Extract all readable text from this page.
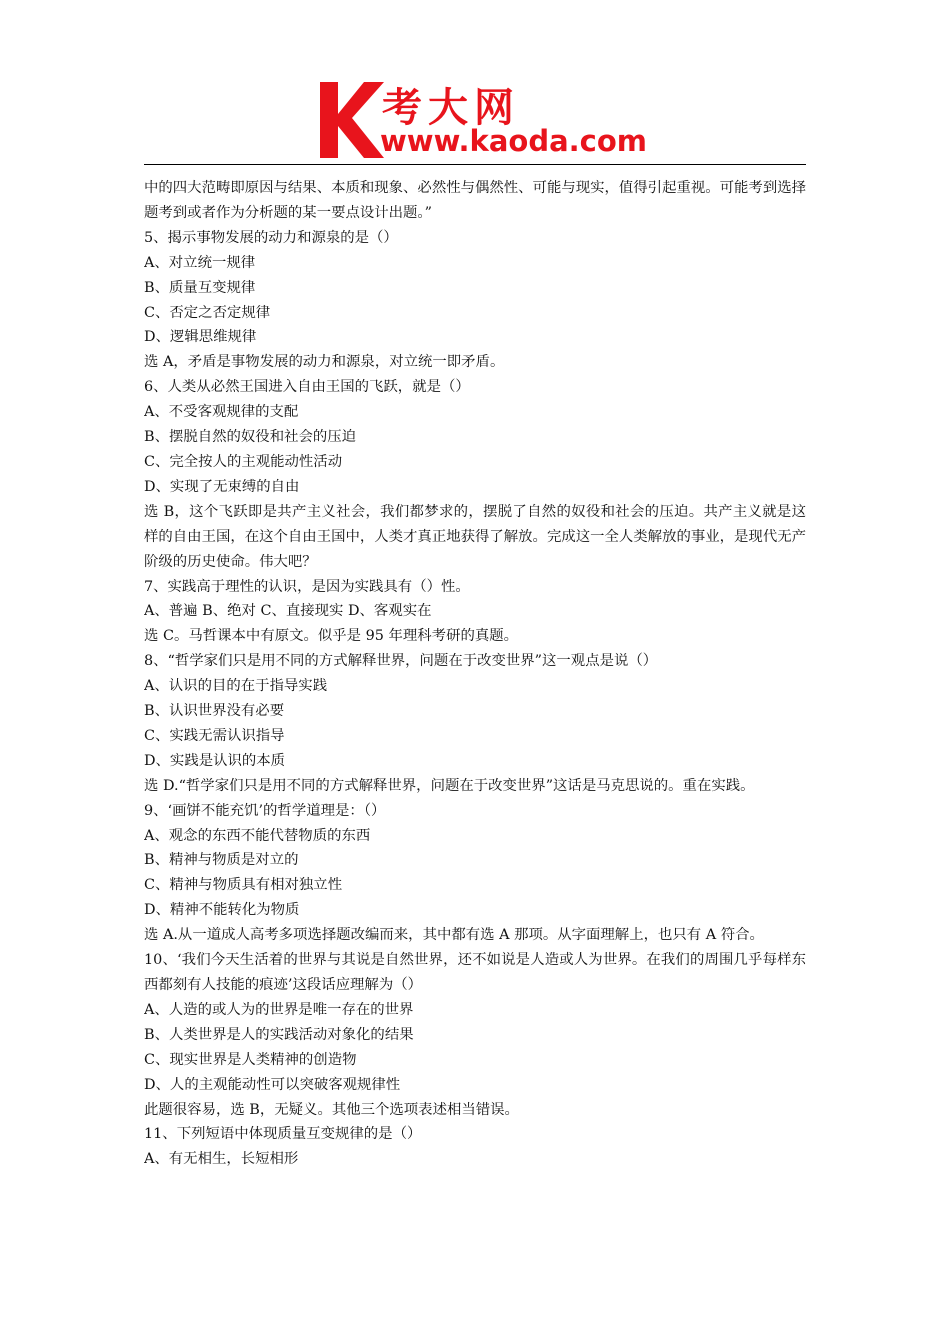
考大网
www.kaoda.com

中的四大范畴即原因与结果、本质和现象、必然性与偶然性、可能与现实，值得引起重视。可能考到选择题考到或者作为分析题的某一要点设计出题。”

5、揭示事物发展的动力和源泉的是（）

A、对立统一规律

B、质量互变规律

C、否定之否定规律

D、逻辑思维规律

选 A，矛盾是事物发展的动力和源泉，对立统一即矛盾。

6、人类从必然王国进入自由王国的飞跃，就是（）

A、不受客观规律的支配

B、摆脱自然的奴役和社会的压迫

C、完全按人的主观能动性活动

D、实现了无束缚的自由

选 B，这个飞跃即是共产主义社会，我们都梦求的，摆脱了自然的奴役和社会的压迫。共产主义就是这样的自由王国，在这个自由王国中，人类才真正地获得了解放。完成这一全人类解放的事业，是现代无产阶级的历史使命。伟大吧？

7、实践高于理性的认识，是因为实践具有（）性。

A、普遍 B、绝对 C、直接现实 D、客观实在

选 C。马哲课本中有原文。似乎是 95 年理科考研的真题。

8、“哲学家们只是用不同的方式解释世界，问题在于改变世界”这一观点是说（）

A、认识的目的在于指导实践

B、认识世界没有必要

C、实践无需认识指导

D、实践是认识的本质

选 D.“哲学家们只是用不同的方式解释世界，问题在于改变世界”这话是马克思说的。重在实践。

9、‘画饼不能充饥’的哲学道理是：（）

A、观念的东西不能代替物质的东西

B、精神与物质是对立的

C、精神与物质具有相对独立性

D、精神不能转化为物质

选 A.从一道成人高考多项选择题改编而来，其中都有选 A 那项。从字面理解上，也只有 A 符合。

10、‘我们今天生活着的世界与其说是自然世界，还不如说是人造或人为世界。在我们的周围几乎每样东西都刻有人技能的痕迹’这段话应理解为（）

A、人造的或人为的世界是唯一存在的世界

B、人类世界是人的实践活动对象化的结果

C、现实世界是人类精神的创造物

D、人的主观能动性可以突破客观规律性

此题很容易，选 B，无疑义。其他三个选项表述相当错误。

11、下列短语中体现质量互变规律的是（）

A、有无相生，长短相形
